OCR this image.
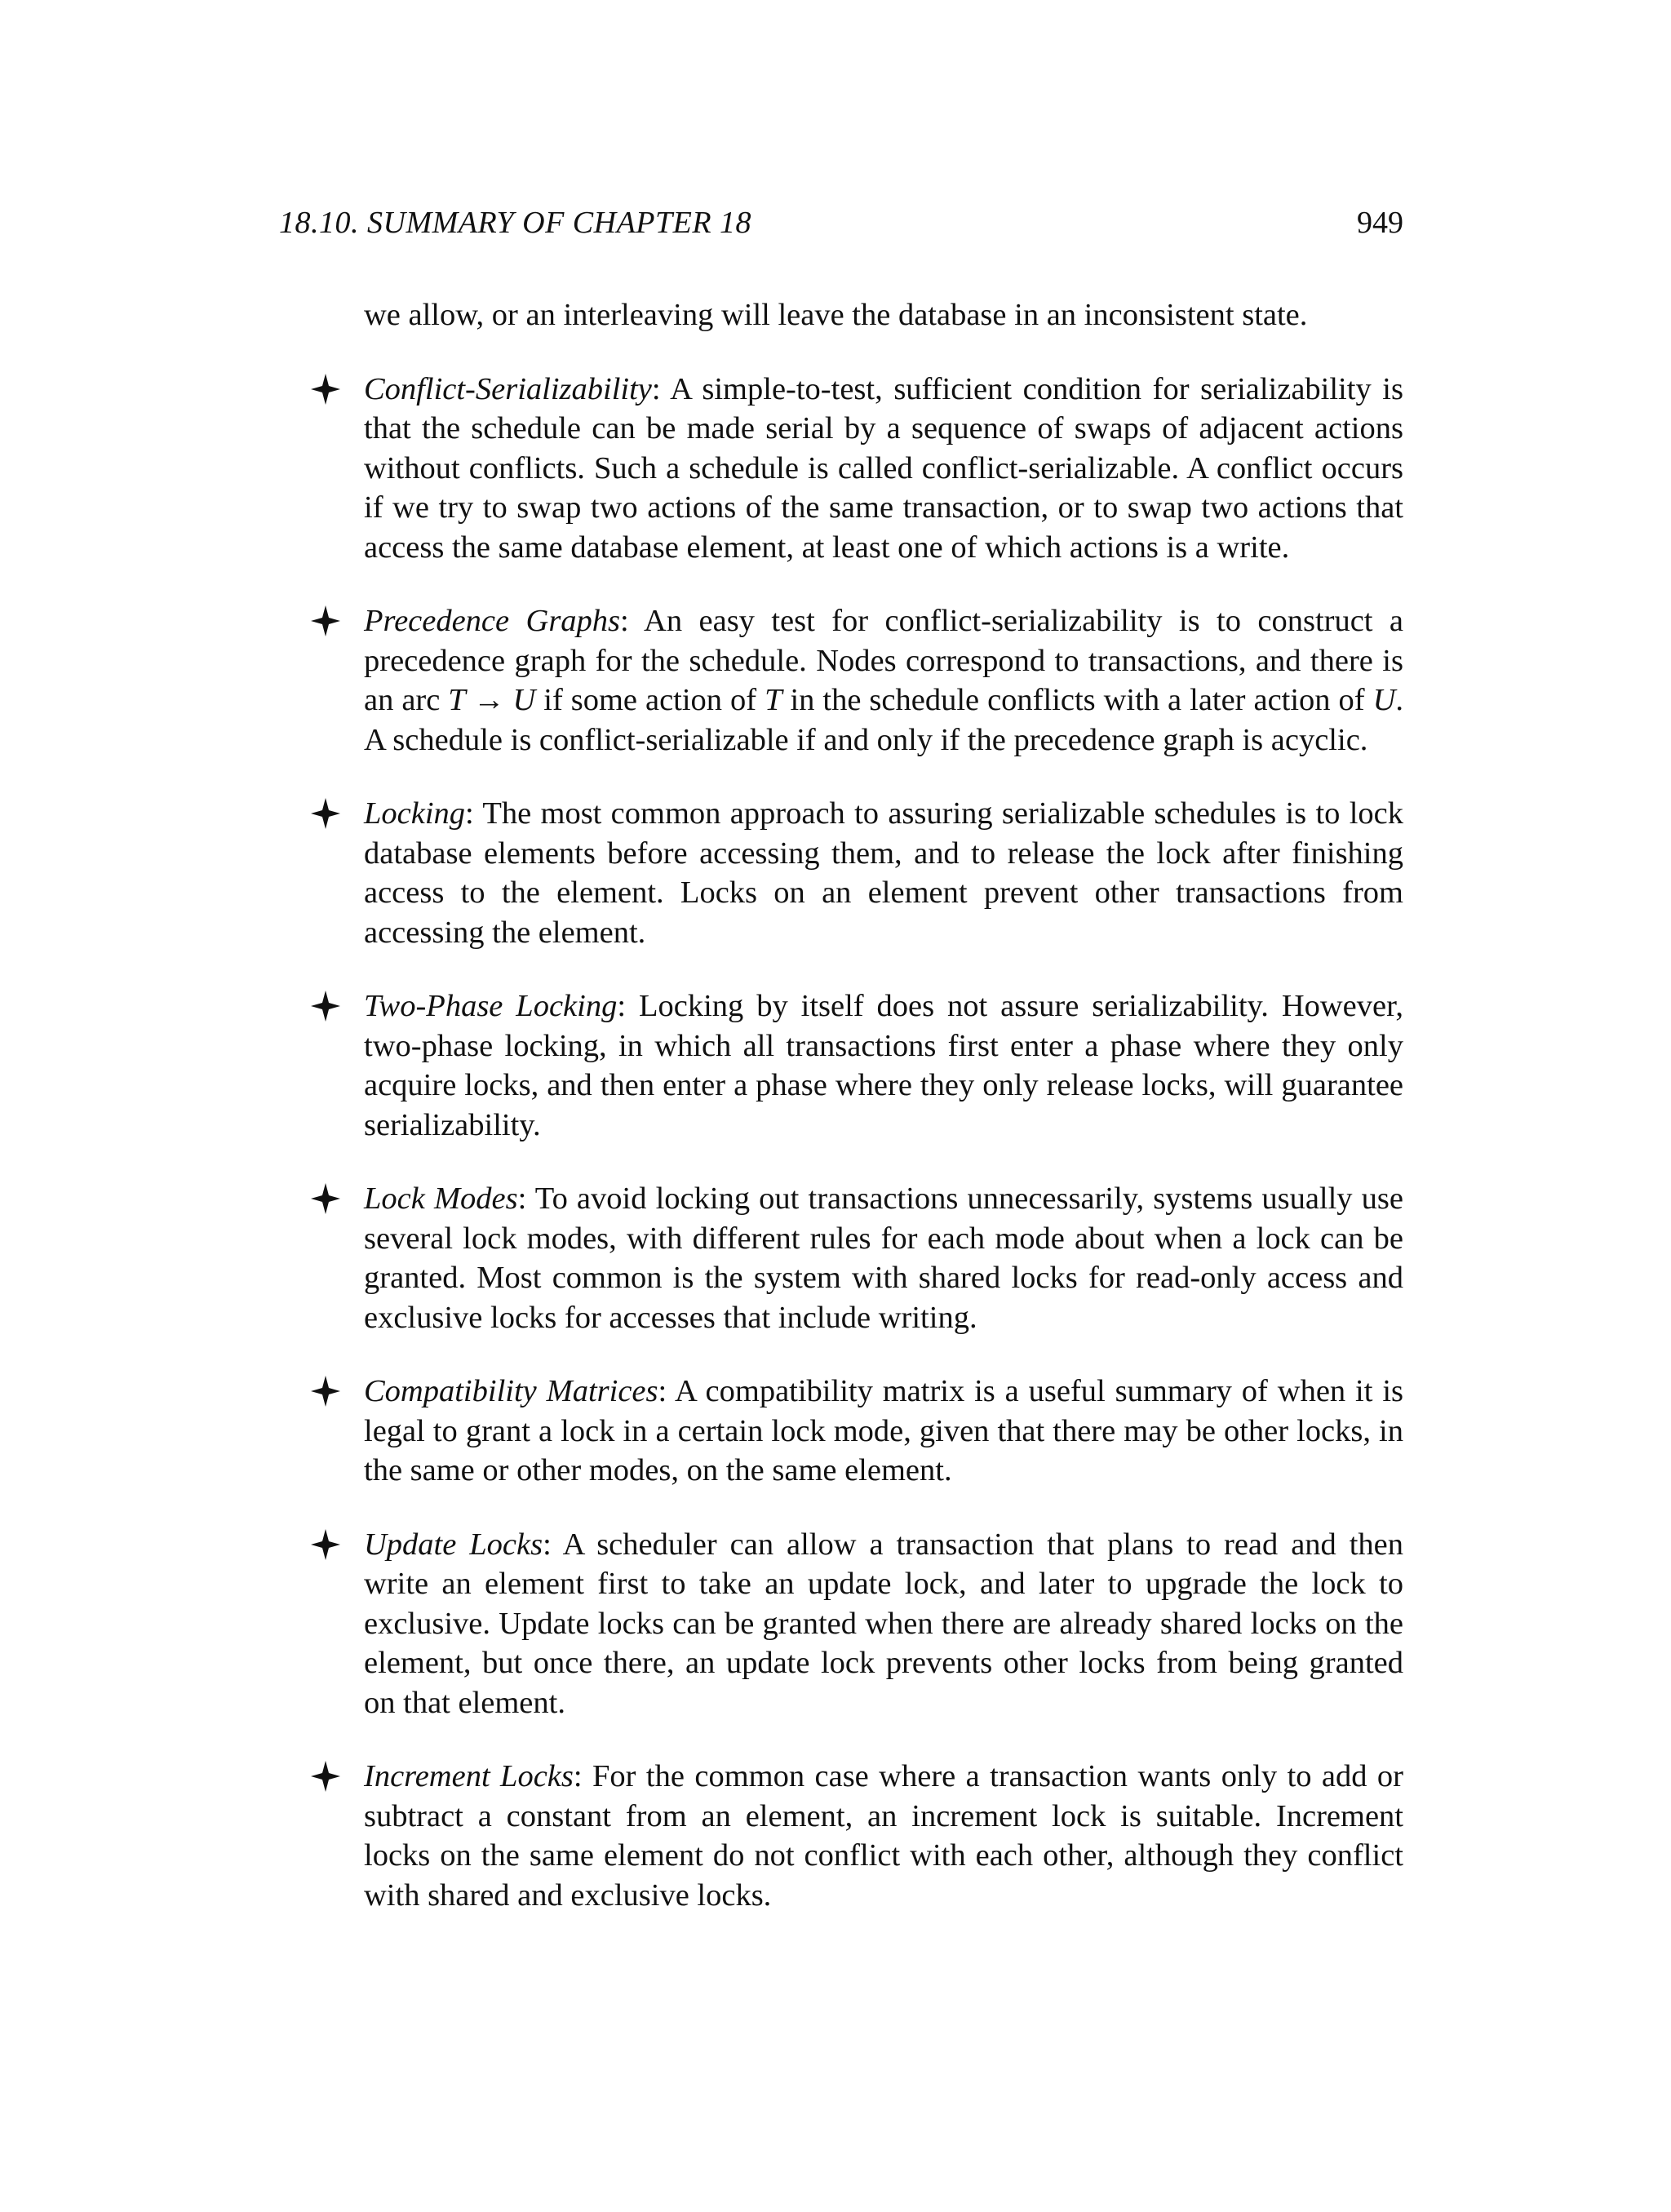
18.10. SUMMARY OF CHAPTER 18	949

we allow, or an interleaving will leave the database in an inconsistent state.

Conflict-Serializability: A simple-to-test, sufficient condition for serializability is that the schedule can be made serial by a sequence of swaps of adjacent actions without conflicts. Such a schedule is called conflict-serializable. A conflict occurs if we try to swap two actions of the same transaction, or to swap two actions that access the same database element, at least one of which actions is a write.

Precedence Graphs: An easy test for conflict-serializability is to construct a precedence graph for the schedule. Nodes correspond to transactions, and there is an arc T → U if some action of T in the schedule conflicts with a later action of U. A schedule is conflict-serializable if and only if the precedence graph is acyclic.

Locking: The most common approach to assuring serializable schedules is to lock database elements before accessing them, and to release the lock after finishing access to the element. Locks on an element prevent other transactions from accessing the element.

Two-Phase Locking: Locking by itself does not assure serializability. However, two-phase locking, in which all transactions first enter a phase where they only acquire locks, and then enter a phase where they only release locks, will guarantee serializability.

Lock Modes: To avoid locking out transactions unnecessarily, systems usually use several lock modes, with different rules for each mode about when a lock can be granted. Most common is the system with shared locks for read-only access and exclusive locks for accesses that include writing.

Compatibility Matrices: A compatibility matrix is a useful summary of when it is legal to grant a lock in a certain lock mode, given that there may be other locks, in the same or other modes, on the same element.

Update Locks: A scheduler can allow a transaction that plans to read and then write an element first to take an update lock, and later to upgrade the lock to exclusive. Update locks can be granted when there are already shared locks on the element, but once there, an update lock prevents other locks from being granted on that element.

Increment Locks: For the common case where a transaction wants only to add or subtract a constant from an element, an increment lock is suitable. Increment locks on the same element do not conflict with each other, although they conflict with shared and exclusive locks.
